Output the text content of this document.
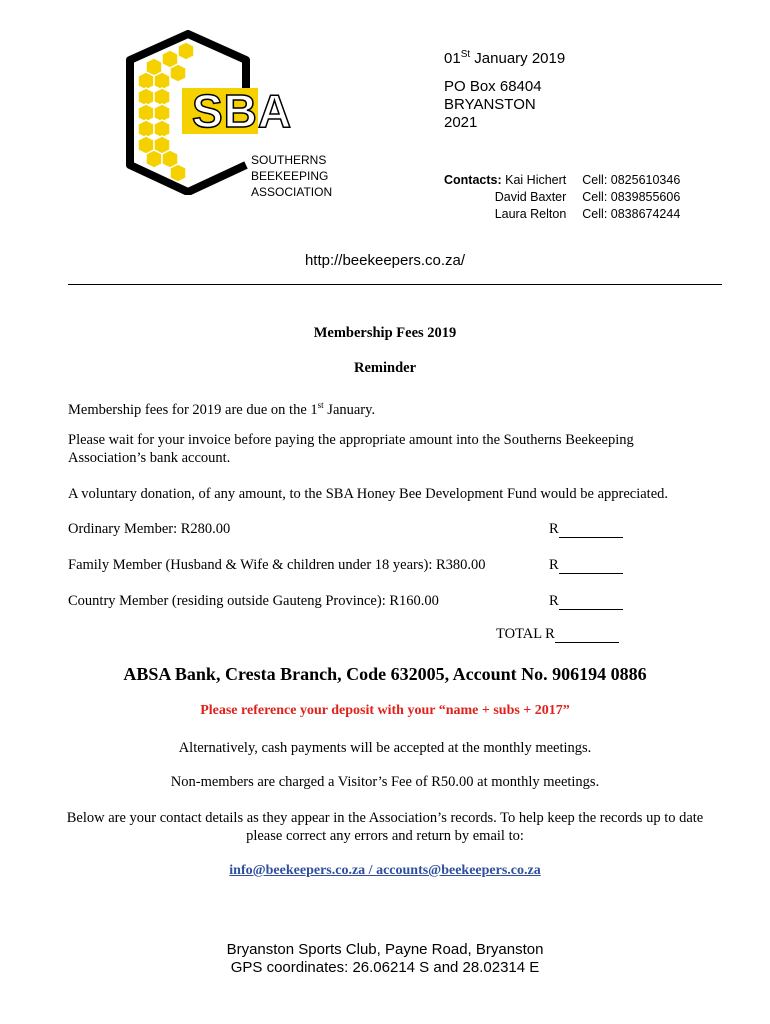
SBA
SOUTHERNS
BEEKEEPING
ASSOCIATION
01St January 2019
PO Box 68404
BRYANSTON
2021
Contacts: Kai Hichert	Cell: 0825610346
David Baxter	Cell: 0839855606
Laura Relton	Cell: 0838674244
http://beekeepers.co.za/
Membership Fees 2019
Reminder
Membership fees for 2019 are due on the 1st January.
Please wait for your invoice before paying the appropriate amount into the Southerns Beekeeping Association’s bank account.
A voluntary donation, of any amount, to the SBA Honey Bee Development Fund would be appreciated.
Ordinary Member: R280.00	R
Family Member (Husband & Wife & children under 18 years): R380.00	R
Country Member (residing outside Gauteng Province): R160.00	R
TOTAL R
ABSA Bank, Cresta Branch, Code 632005, Account No. 906194 0886
Please reference your deposit with your “name + subs + 2017”
Alternatively, cash payments will be accepted at the monthly meetings.
Non-members are charged a Visitor’s Fee of R50.00 at monthly meetings.
Below are your contact details as they appear in the Association’s records. To help keep the records up to date please correct any errors and return by email to:
info@beekeepers.co.za / accounts@beekeepers.co.za
Bryanston Sports Club, Payne Road, Bryanston
GPS coordinates: 26.06214 S and 28.02314 E
